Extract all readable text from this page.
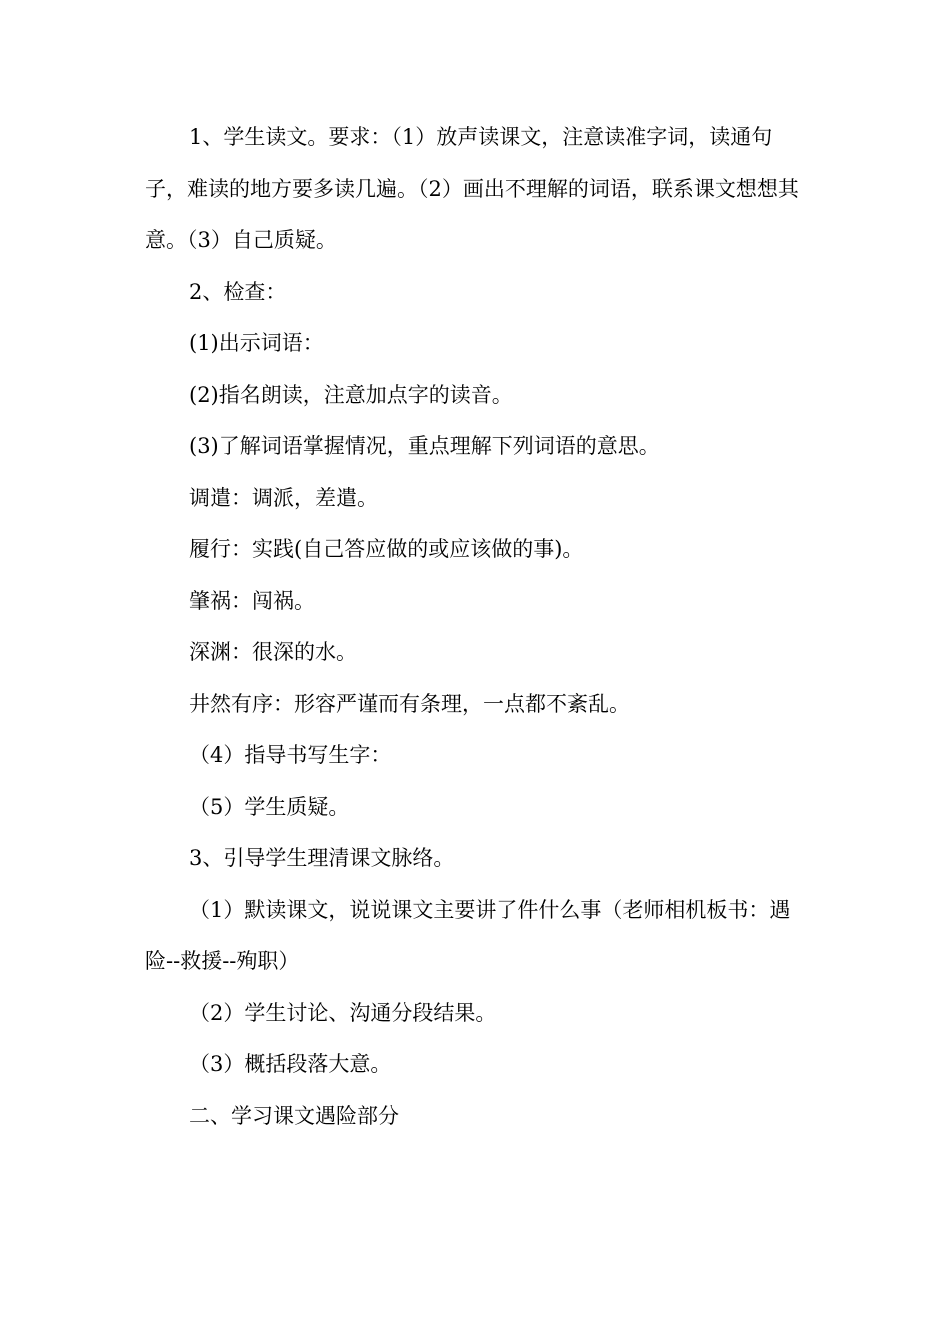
1、学生读文。要求：（1）放声读课文，注意读准字词，读通句子，难读的地方要多读几遍。（2）画出不理解的词语，联系课文想想其意。（3）自己质疑。

2、检查：

(1)出示词语：

(2)指名朗读，注意加点字的读音。

(3)了解词语掌握情况，重点理解下列词语的意思。

调遣：调派，差遣。

履行：实践(自己答应做的或应该做的事)。

肇祸：闯祸。

深渊：很深的水。

井然有序：形容严谨而有条理，一点都不紊乱。

（4）指导书写生字：

（5）学生质疑。

3、引导学生理清课文脉络。

（1）默读课文，说说课文主要讲了件什么事（老师相机板书：遇险--救援--殉职）

（2）学生讨论、沟通分段结果。

（3）概括段落大意。

二、学习课文遇险部分
